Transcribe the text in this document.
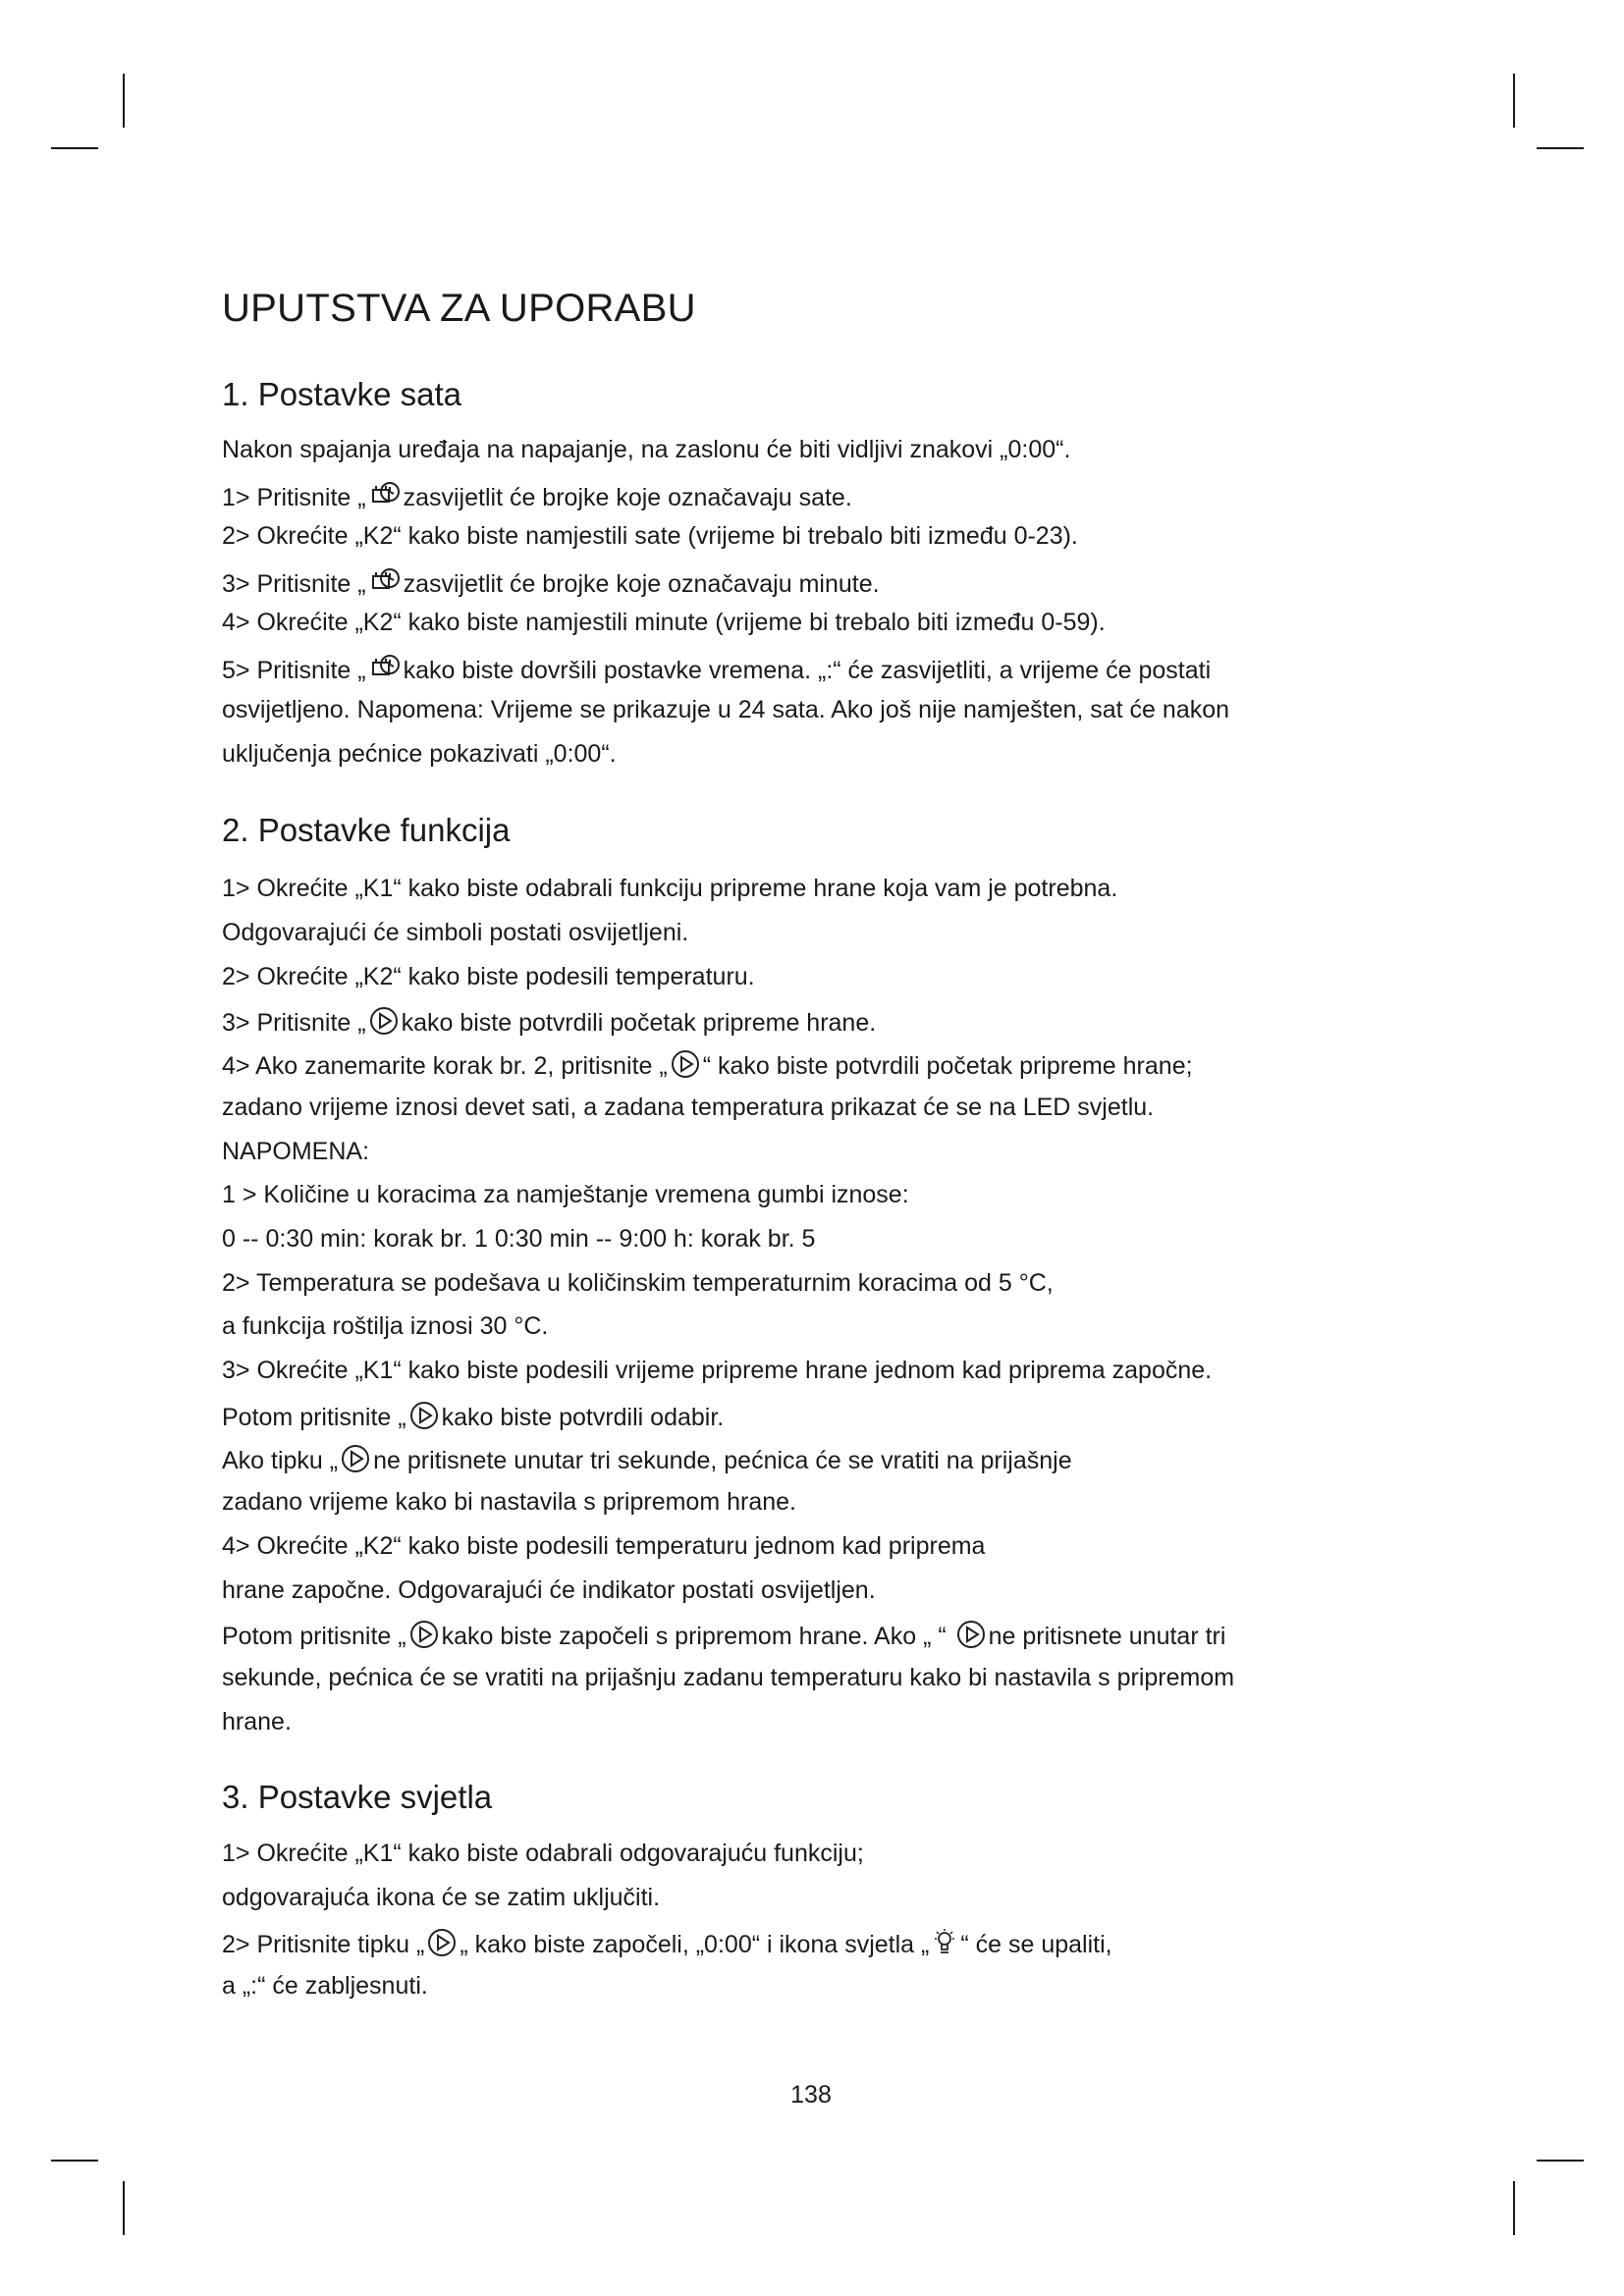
UPUTSTVA ZA UPORABU
1. Postavke sata
Nakon spajanja uređaja na napajanje, na zaslonu će biti vidljivi znakovi „0:00“.
1> Pritisnite „ zasvijetlit će brojke koje označavaju sate.
2> Okrećite „K2“ kako biste namjestili sate (vrijeme bi trebalo biti između 0-23).
3> Pritisnite „ zasvijetlit će brojke koje označavaju minute.
4> Okrećite „K2“ kako biste namjestili minute (vrijeme bi trebalo biti između 0-59).
5> Pritisnite „ kako biste dovršili postavke vremena. „:“ će zasvijetliti, a vrijeme će postati
osvijetljeno. Napomena: Vrijeme se prikazuje u 24 sata. Ako još nije namješten, sat će nakon
uključenja pećnice pokazivati „0:00“.
2. Postavke funkcija
1> Okrećite „K1“ kako biste odabrali funkciju pripreme hrane koja vam je potrebna.
Odgovarajući će simboli postati osvijetljeni.
2> Okrećite „K2“ kako biste podesili temperaturu.
3> Pritisnite „ kako biste potvrdili početak pripreme hrane.
4> Ako zanemarite korak br. 2, pritisnite „ “ kako biste potvrdili početak pripreme hrane;
zadano vrijeme iznosi devet sati, a zadana temperatura prikazat će se na LED svjetlu.
NAPOMENA:
1 > Količine u koracima za namještanje vremena gumbi iznose:
0 -- 0:30 min: korak br. 1 0:30 min -- 9:00 h: korak br. 5
2> Temperatura se podešava u količinskim temperaturnim koracima od 5 °C,
a funkcija roštilja iznosi 30 °C.
3> Okrećite „K1“ kako biste podesili vrijeme pripreme hrane jednom kad priprema započne.
Potom pritisnite „ kako biste potvrdili odabir.
Ako tipku „ ne pritisnete unutar tri sekunde, pećnica će se vratiti na prijašnje
zadano vrijeme kako bi nastavila s pripremom hrane.
4> Okrećite „K2“ kako biste podesili temperaturu jednom kad priprema
hrane započne. Odgovarajući će indikator postati osvijetljen.
Potom pritisnite „ kako biste započeli s pripremom hrane. Ako „ “
ne pritisnete unutar tri
sekunde, pećnica će se vratiti na prijašnju zadanu temperaturu kako bi nastavila s pripremom
hrane.
3. Postavke svjetla
1> Okrećite „K1“ kako biste odabrali odgovarajuću funkciju;
odgovarajuća ikona će se zatim uključiti.
2> Pritisnite tipku „ „ kako biste započeli, „0:00“ i ikona svjetla „ “ će se upaliti,
a „:“ će zabljesnuti.
138
